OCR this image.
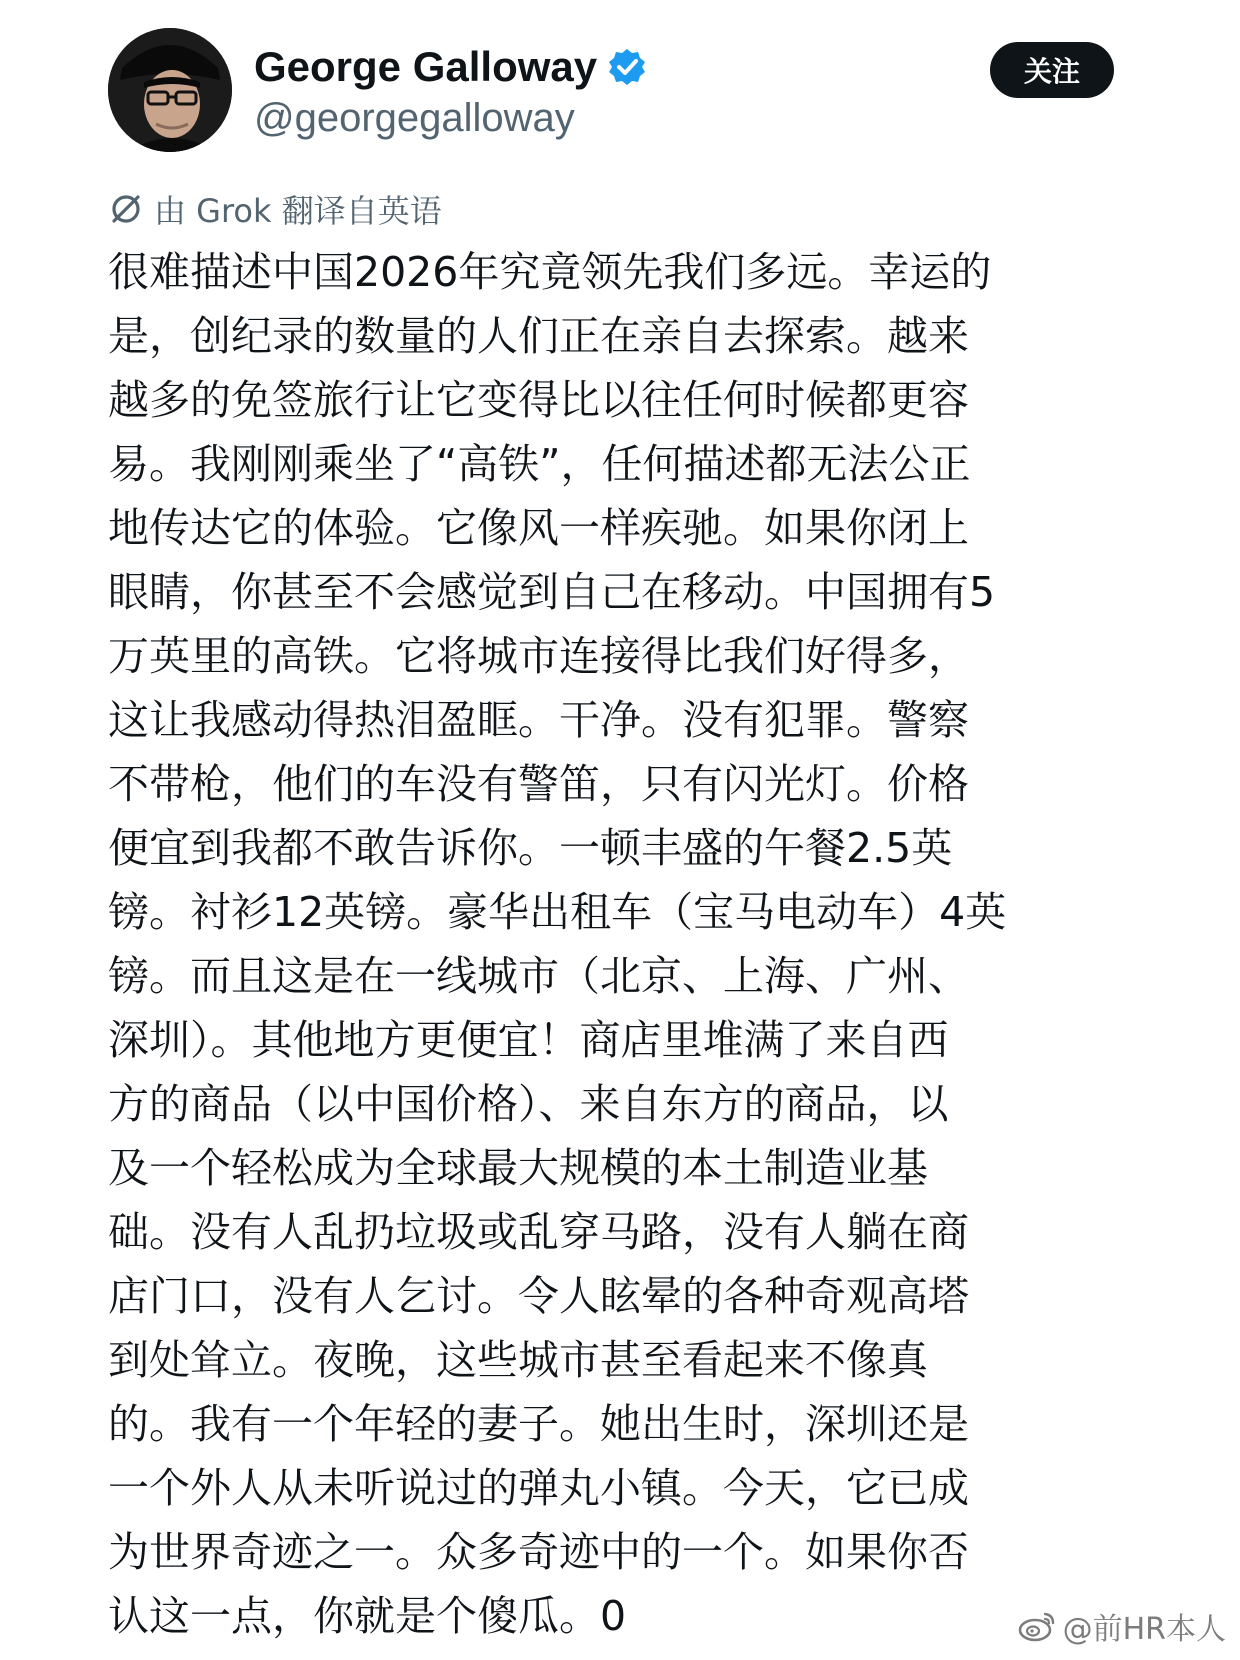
George Galloway
@georgegalloway
关注
由 Grok 翻译自英语
很难描述中国2026年究竟领先我们多远。幸运的
是，创纪录的数量的人们正在亲自去探索。越来
越多的免签旅行让它变得比以往任何时候都更容
易。我刚刚乘坐了“高铁”，任何描述都无法公正
地传达它的体验。它像风一样疾驰。如果你闭上
眼睛，你甚至不会感觉到自己在移动。中国拥有5
万英里的高铁。它将城市连接得比我们好得多，
这让我感动得热泪盈眶。干净。没有犯罪。警察
不带枪，他们的车没有警笛，只有闪光灯。价格
便宜到我都不敢告诉你。一顿丰盛的午餐2.5英
镑。衬衫12英镑。豪华出租车（宝马电动车）4英
镑。而且这是在一线城市（北京、上海、广州、
深圳）。其他地方更便宜！商店里堆满了来自西
方的商品（以中国价格）、来自东方的商品，以
及一个轻松成为全球最大规模的本土制造业基
础。没有人乱扔垃圾或乱穿马路，没有人躺在商
店门口，没有人乞讨。令人眩晕的各种奇观高塔
到处耸立。夜晚，这些城市甚至看起来不像真
的。我有一个年轻的妻子。她出生时，深圳还是
一个外人从未听说过的弹丸小镇。今天，它已成
为世界奇迹之一。众多奇迹中的一个。如果你否
认这一点，你就是个傻瓜。0	@前HR本人
